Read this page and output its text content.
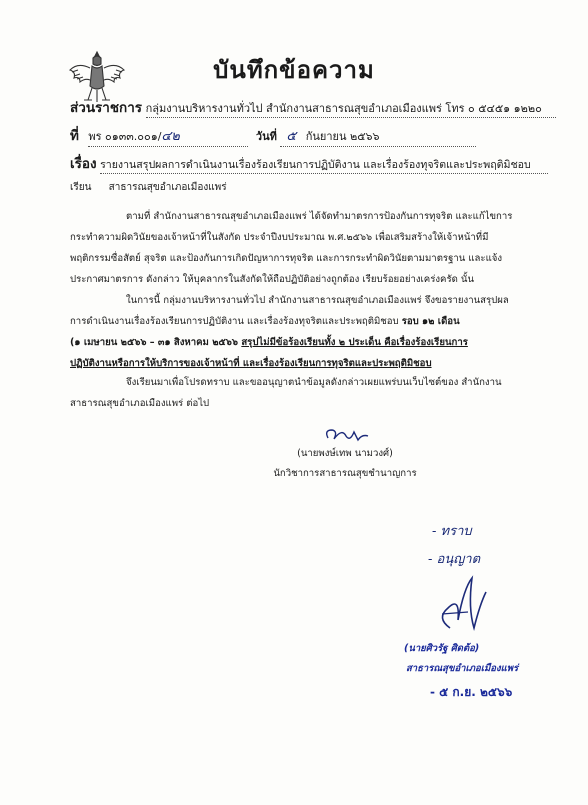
บันทึกข้อความ
ส่วนราชการ กลุ่มงานบริหารงานทั่วไป สำนักงานสาธารณสุขอำเภอเมืองแพร่ โทร ๐ ๕๔๕๑ ๑๒๒๐
ที่ พร ๐๑๓๓.๐๐๑/๔๒	วันที่ ๕ กันยายน ๒๕๖๖
เรื่อง รายงานสรุปผลการดำเนินงานเรื่องร้องเรียนการปฏิบัติงาน และเรื่องร้องทุจริตและประพฤติมิชอบ
เรียน สาธารณสุขอำเภอเมืองแพร่
ตามที่ สำนักงานสาธารณสุขอำเภอเมืองแพร่ ได้จัดทำมาตรการป้องกันการทุจริต และแก้ไขการ
กระทำความผิดวินัยของเจ้าหน้าที่ในสังกัด ประจำปีงบประมาณ พ.ศ.๒๕๖๖ เพื่อเสริมสร้างให้เจ้าหน้าที่มี
พฤติกรรมซื่อสัตย์ สุจริต และป้องกันการเกิดปัญหาการทุจริต และการกระทำผิดวินัยตามมาตรฐาน และแจ้ง
ประกาศมาตรการ ดังกล่าว ให้บุคลากรในสังกัดให้ถือปฏิบัติอย่างถูกต้อง เรียบร้อยอย่างเคร่งครัด นั้น
ในการนี้ กลุ่มงานบริหารงานทั่วไป สำนักงานสาธารณสุขอำเภอเมืองแพร่ จึงขอรายงานสรุปผล
การดำเนินงานเรื่องร้องเรียนการปฏิบัติงาน และเรื่องร้องทุจริตและประพฤติมิชอบ รอบ ๑๒ เดือน
(๑ เมษายน ๒๕๖๖ – ๓๑ สิงหาคม ๒๕๖๖ สรุปไม่มีข้อร้องเรียนทั้ง ๒ ประเด็น คือเรื่องร้องเรียนการ
ปฏิบัติงานหรือการให้บริการของเจ้าหน้าที่ และเรื่องร้องเรียนการทุจริตและประพฤติมิชอบ
จึงเรียนมาเพื่อโปรดทราบ และขออนุญาตนำข้อมูลดังกล่าวเผยแพร่บนเว็บไซต์ของ สำนักงาน
สาธารณสุขอำเภอเมืองแพร่ ต่อไป
(นายพงษ์เทพ นามวงศ์)
นักวิชาการสาธารณสุขชำนาญการ
- ทราบ
- อนุญาต
(นายศิวรัฐ ศิดต้อ)
สาธารณสุขอำเภอเมืองแพร่
- ๕ ก.ย. ๒๕๖๖
